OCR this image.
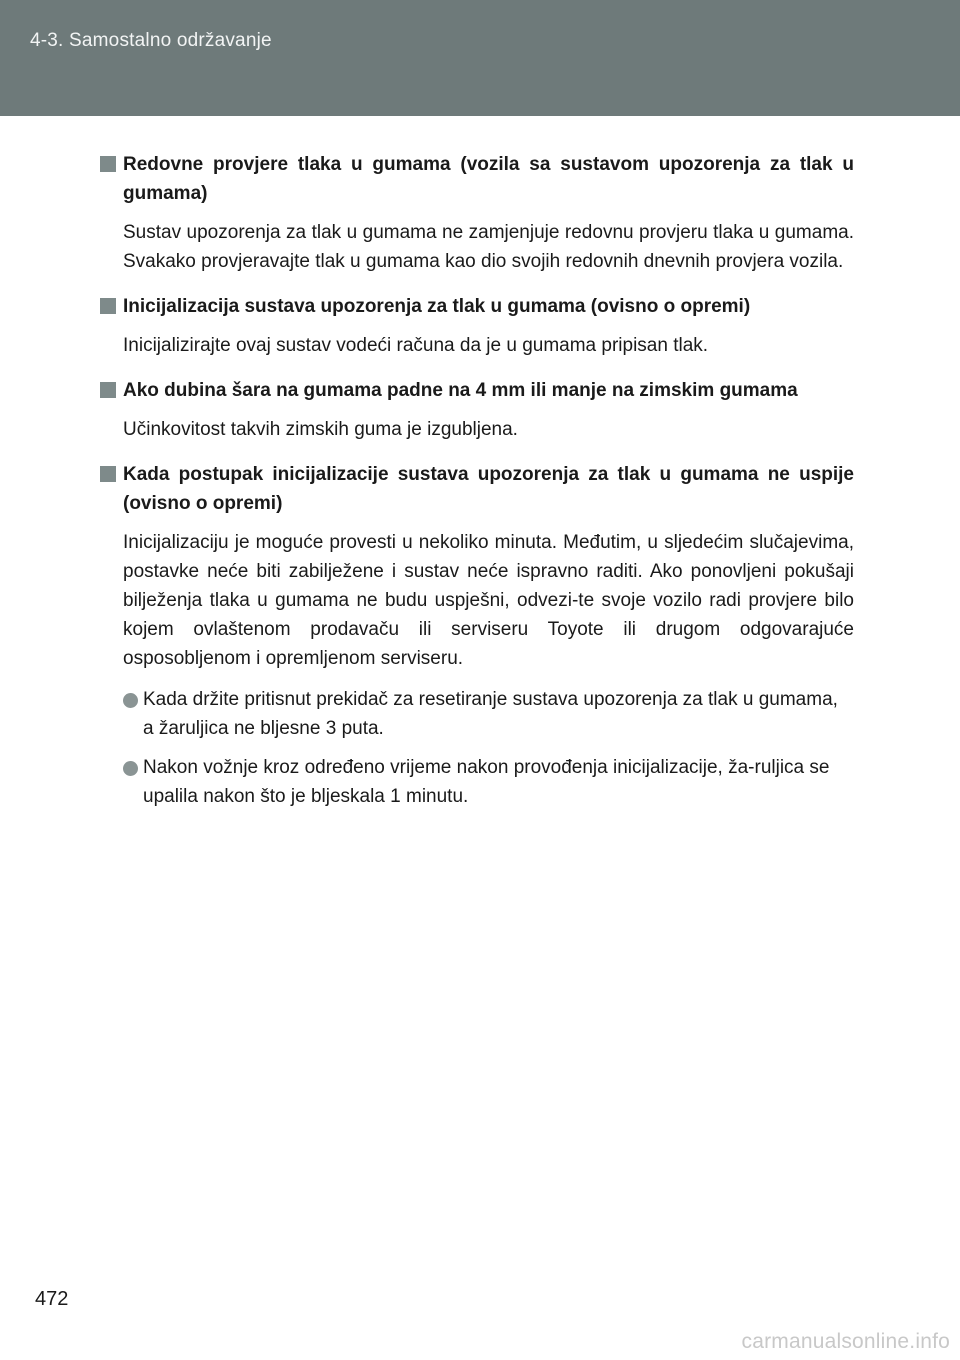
4-3. Samostalno održavanje
Redovne provjere tlaka u gumama (vozila sa sustavom upozorenja za tlak u gumama)
Sustav upozorenja za tlak u gumama ne zamjenjuje redovnu provjeru tlaka u gumama. Svakako provjeravajte tlak u gumama kao dio svojih redovnih dnevnih provjera vozila.
Inicijalizacija sustava upozorenja za tlak u gumama (ovisno o opremi)
Inicijalizirajte ovaj sustav vodeći računa da je u gumama pripisan tlak.
Ako dubina šara na gumama padne na 4 mm ili manje na zimskim gumama
Učinkovitost takvih zimskih guma je izgubljena.
Kada postupak inicijalizacije sustava upozorenja za tlak u gumama ne uspije (ovisno o opremi)
Inicijalizaciju je moguće provesti u nekoliko minuta. Međutim, u sljedećim slučajevima, postavke neće biti zabilježene i sustav neće ispravno raditi. Ako ponovljeni pokušaji bilježenja tlaka u gumama ne budu uspješni, odvezi-te svoje vozilo radi provjere bilo kojem ovlaštenom prodavaču ili serviseru Toyote ili drugom odgovarajuće osposobljenom i opremljenom serviseru.
Kada držite pritisnut prekidač za resetiranje sustava upozorenja za tlak u gumama, a žaruljica ne bljesne 3 puta.
Nakon vožnje kroz određeno vrijeme nakon provođenja inicijalizacije, ža-ruljica se upalila nakon što je bljeskala 1 minutu.
472
carmanualsonline.info
